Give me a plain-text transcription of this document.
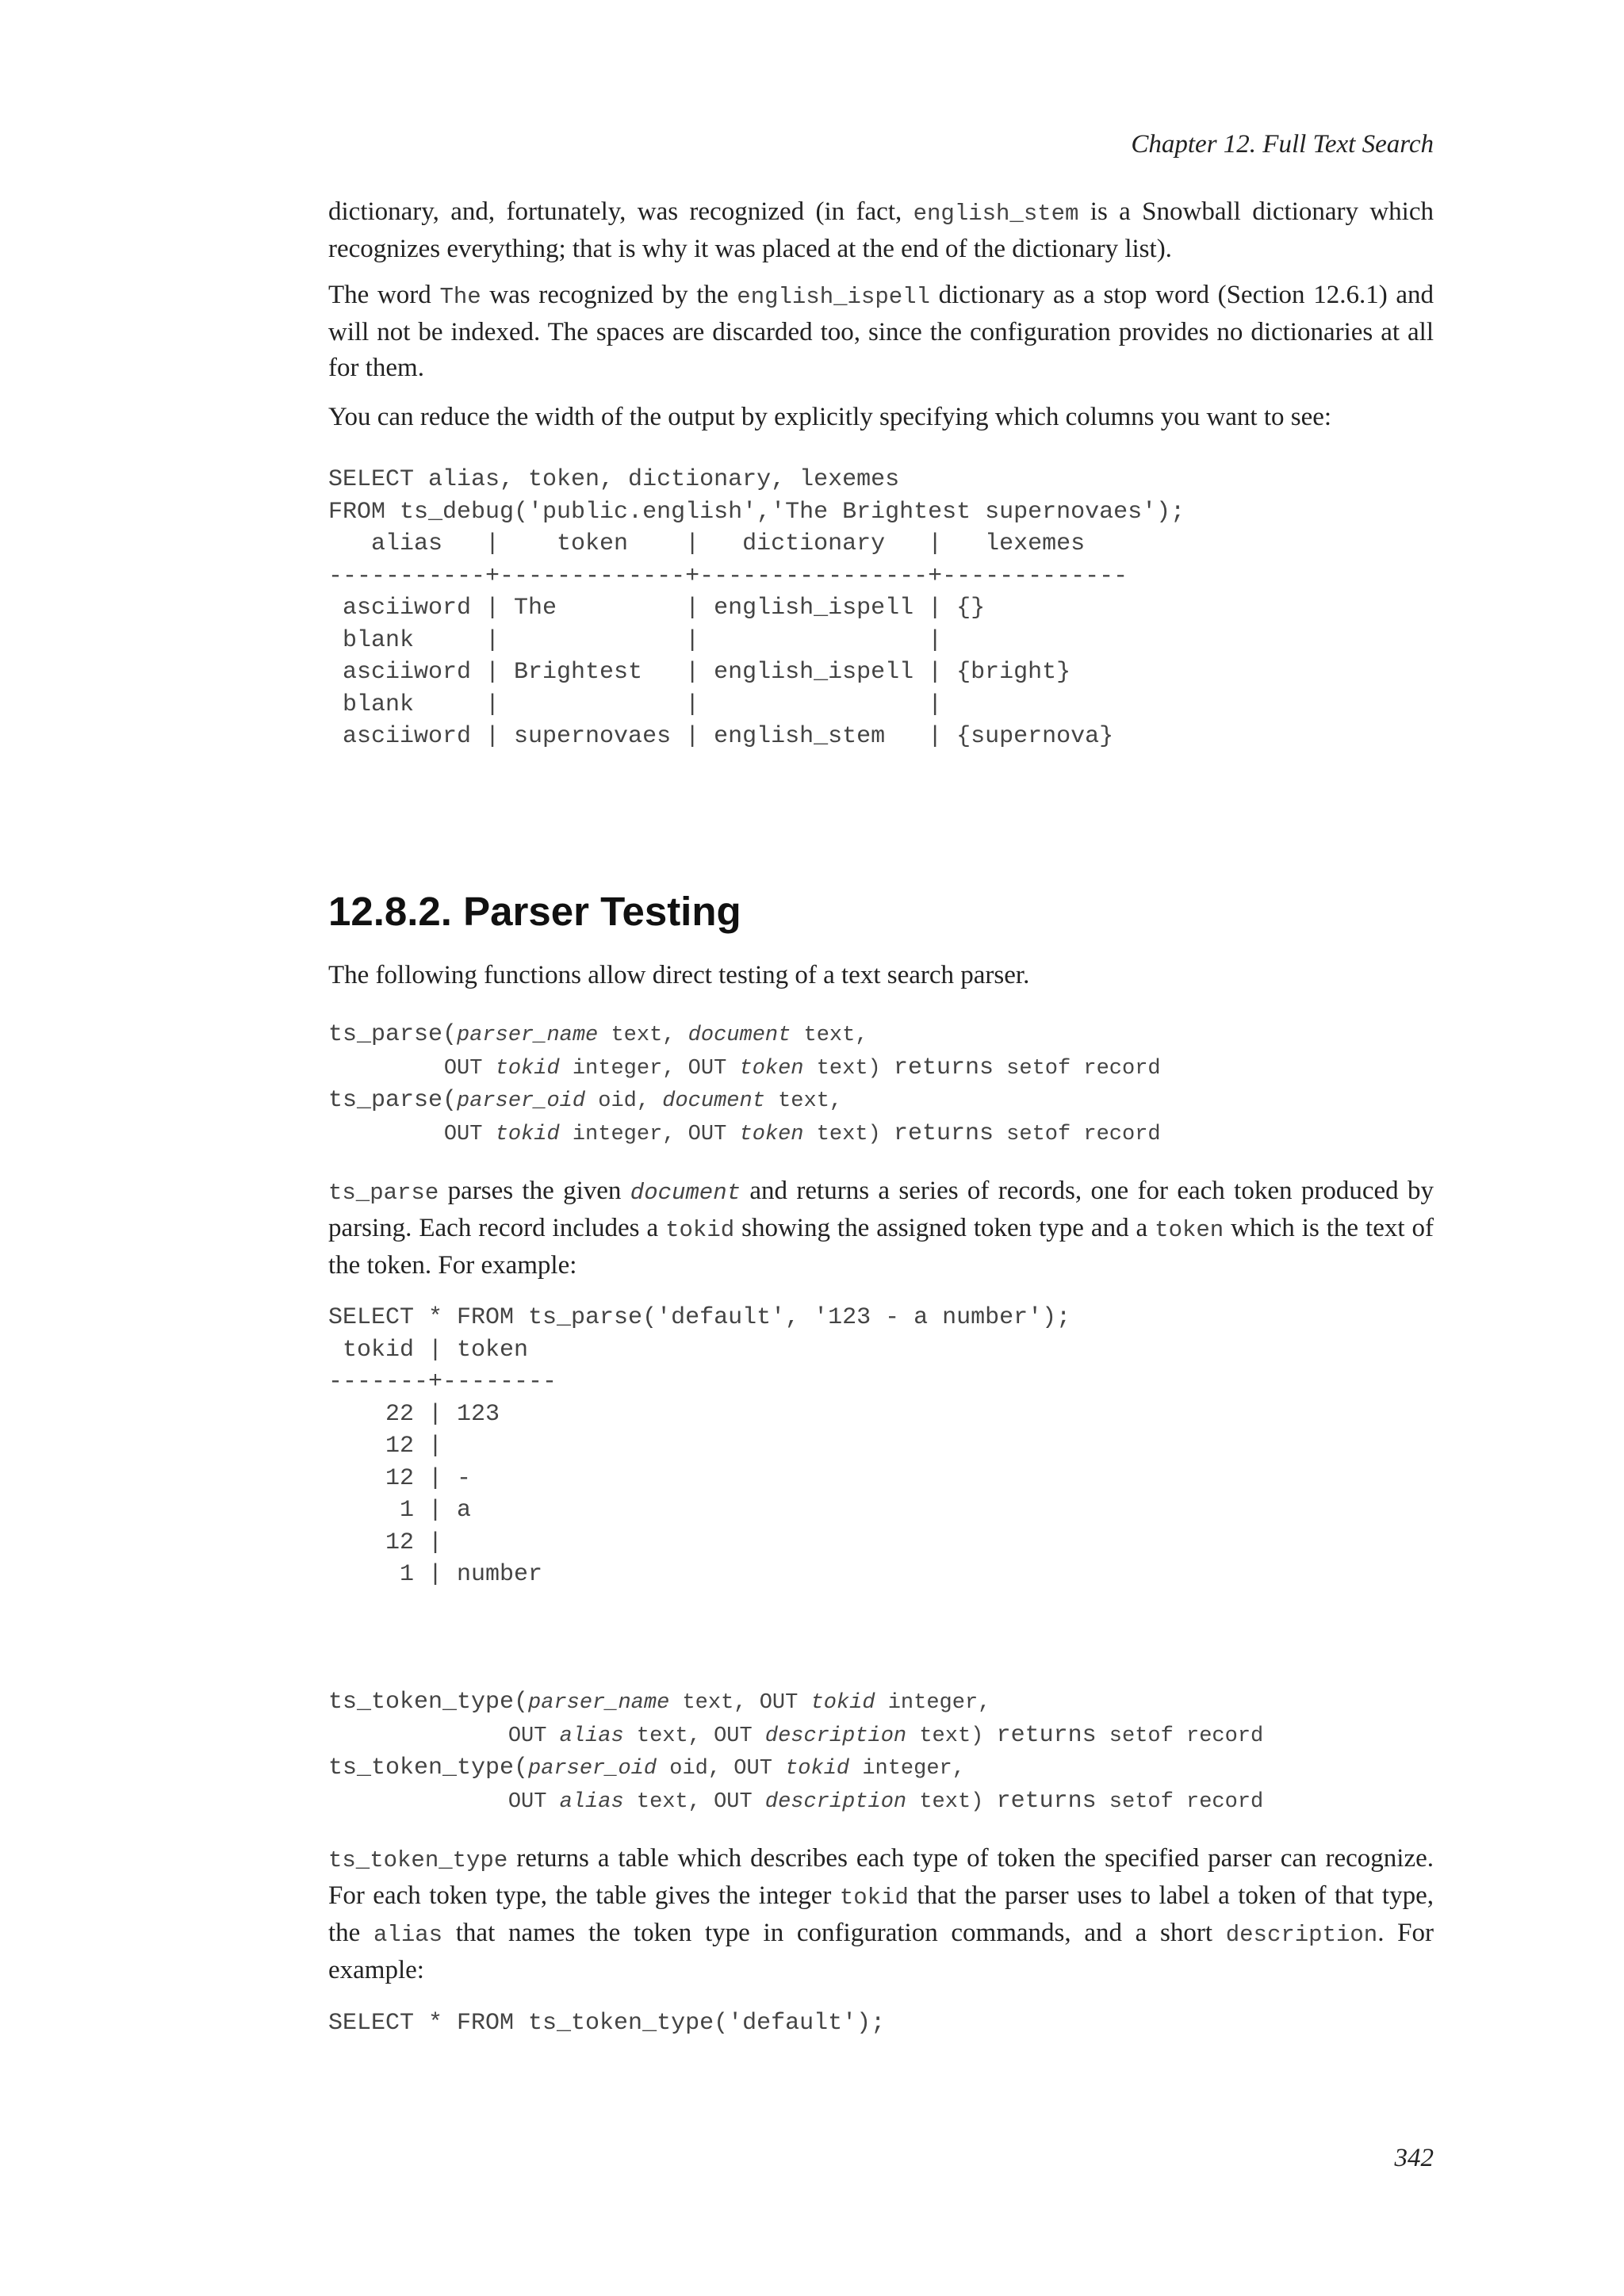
Chapter 12. Full Text Search

dictionary, and, fortunately, was recognized (in fact, english_stem is a Snowball dictionary which recognizes everything; that is why it was placed at the end of the dictionary list).

The word The was recognized by the english_ispell dictionary as a stop word (Section 12.6.1) and will not be indexed. The spaces are discarded too, since the configuration provides no dictionaries at all for them.

You can reduce the width of the output by explicitly specifying which columns you want to see:

SELECT alias, token, dictionary, lexemes
FROM ts_debug('public.english','The Brightest supernovaes');
alias   |    token    |   dictionary   |   lexemes
-----------+-------------+----------------+-------------
asciiword | The         | english_ispell | {}
blank     |             |                |
asciiword | Brightest   | english_ispell | {bright}
blank     |             |                |
asciiword | supernovaes | english_stem   | {supernova}
12.8.2. Parser Testing

The following functions allow direct testing of a text search parser.

ts_parse(parser_name text, document text,
OUT tokid integer, OUT token text) returns setof record
ts_parse(parser_oid oid, document text,
OUT tokid integer, OUT token text) returns setof record

ts_parse parses the given document and returns a series of records, one for each token produced by parsing. Each record includes a tokid showing the assigned token type and a token which is the text of the token. For example:

SELECT * FROM ts_parse('default', '123 - a number');
tokid | token
-------+--------
22 | 123
12 |
12 | -
1 | a
12 |
1 | number
ts_token_type(parser_name text, OUT tokid integer,
OUT alias text, OUT description text) returns setof record
ts_token_type(parser_oid oid, OUT tokid integer,
OUT alias text, OUT description text) returns setof record

ts_token_type returns a table which describes each type of token the specified parser can recognize. For each token type, the table gives the integer tokid that the parser uses to label a token of that type, the alias that names the token type in configuration commands, and a short description. For example:

SELECT * FROM ts_token_type('default');
342
